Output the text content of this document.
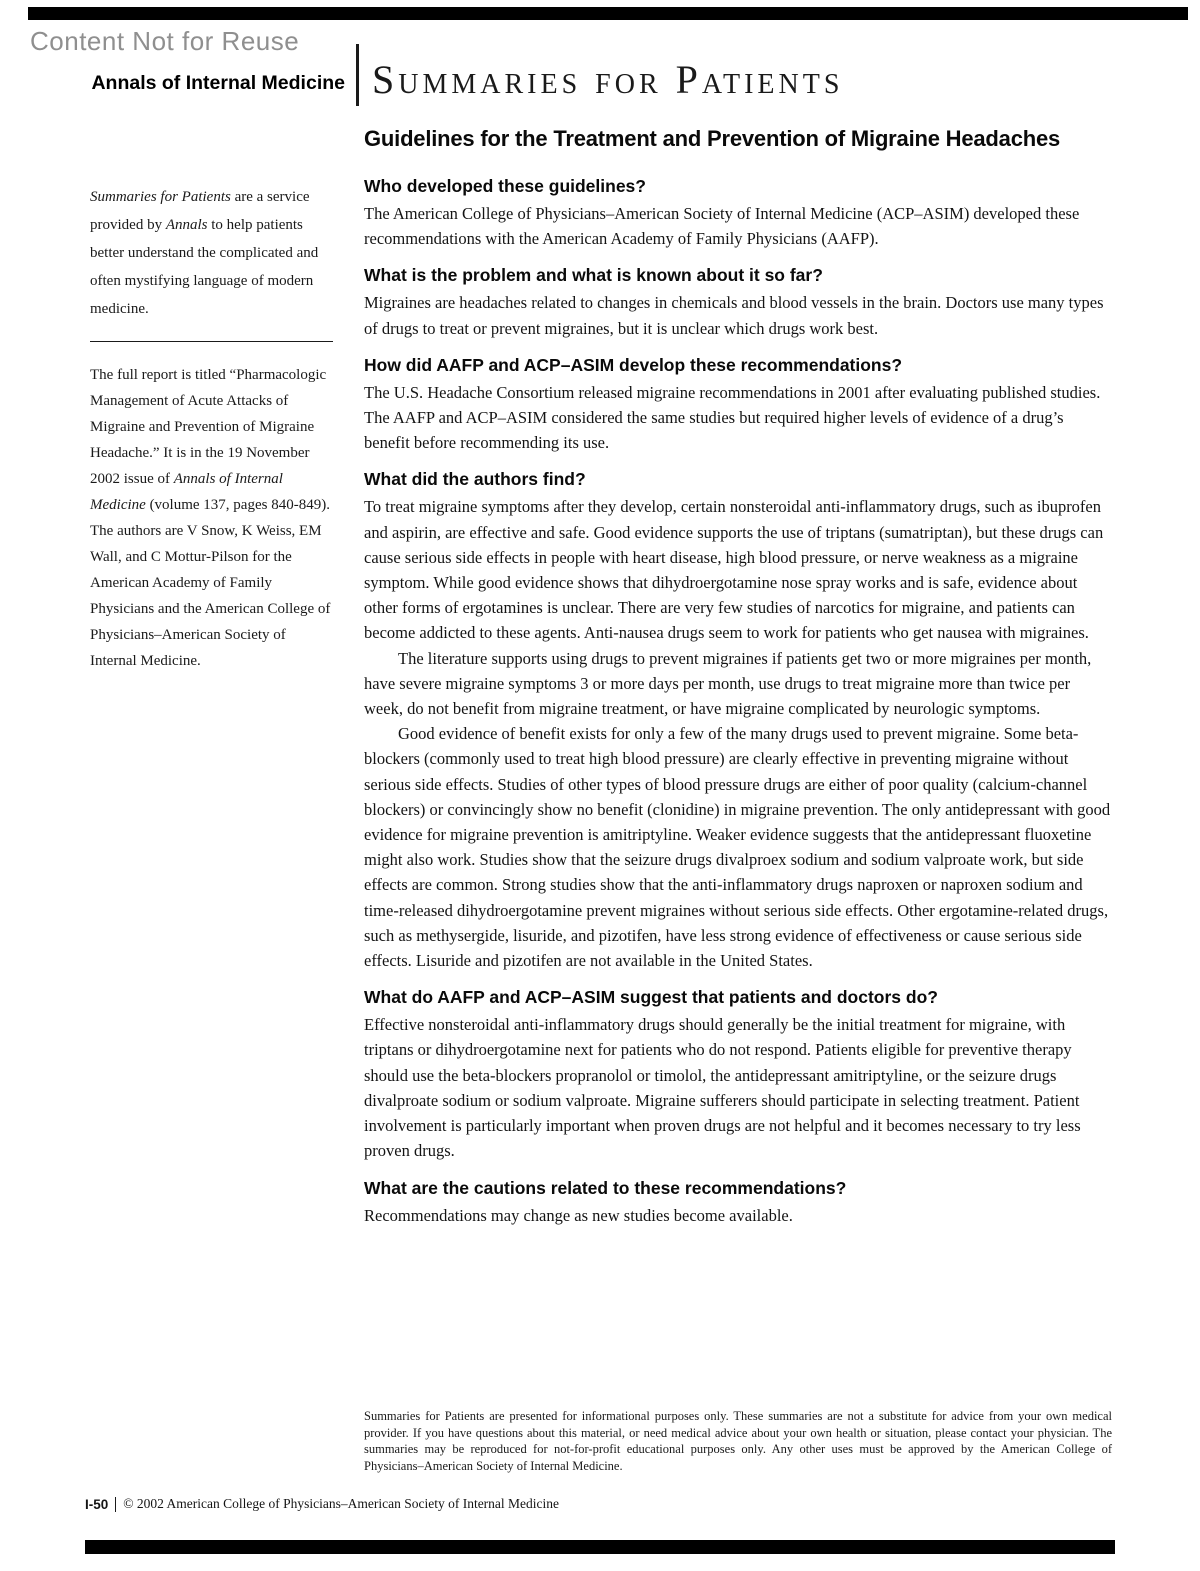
Content Not for Reuse
Annals of Internal Medicine Summaries for Patients
Guidelines for the Treatment and Prevention of Migraine Headaches

Summaries for Patients are a service provided by Annals to help patients better understand the complicated and often mystifying language of modern medicine.

The full report is titled “Pharmacologic Management of Acute Attacks of Migraine and Prevention of Migraine Headache.” It is in the 19 November 2002 issue of Annals of Internal Medicine (volume 137, pages 840-849). The authors are V Snow, K Weiss, EM Wall, and C Mottur-Pilson for the American Academy of Family Physicians and the American College of Physicians–American Society of Internal Medicine.

Who developed these guidelines?

The American College of Physicians–American Society of Internal Medicine (ACP–ASIM) developed these recommendations with the American Academy of Family Physicians (AAFP).

What is the problem and what is known about it so far?

Migraines are headaches related to changes in chemicals and blood vessels in the brain. Doctors use many types of drugs to treat or prevent migraines, but it is unclear which drugs work best.

How did AAFP and ACP–ASIM develop these recommendations?

The U.S. Headache Consortium released migraine recommendations in 2001 after evaluating published studies. The AAFP and ACP–ASIM considered the same studies but required higher levels of evidence of a drug’s benefit before recommending its use.

What did the authors find?

To treat migraine symptoms after they develop, certain nonsteroidal anti-inflammatory drugs, such as ibuprofen and aspirin, are effective and safe. Good evidence supports the use of triptans (sumatriptan), but these drugs can cause serious side effects in people with heart disease, high blood pressure, or nerve weakness as a migraine symptom. While good evidence shows that dihydroergotamine nose spray works and is safe, evidence about other forms of ergotamines is unclear. There are very few studies of narcotics for migraine, and patients can become addicted to these agents. Anti-nausea drugs seem to work for patients who get nausea with migraines.

The literature supports using drugs to prevent migraines if patients get two or more migraines per month, have severe migraine symptoms 3 or more days per month, use drugs to treat migraine more than twice per week, do not benefit from migraine treatment, or have migraine complicated by neurologic symptoms.

Good evidence of benefit exists for only a few of the many drugs used to prevent migraine. Some beta-blockers (commonly used to treat high blood pressure) are clearly effective in preventing migraine without serious side effects. Studies of other types of blood pressure drugs are either of poor quality (calcium-channel blockers) or convincingly show no benefit (clonidine) in migraine prevention. The only antidepressant with good evidence for migraine prevention is amitriptyline. Weaker evidence suggests that the antidepressant fluoxetine might also work. Studies show that the seizure drugs divalproex sodium and sodium valproate work, but side effects are common. Strong studies show that the anti-inflammatory drugs naproxen or naproxen sodium and time-released dihydroergotamine prevent migraines without serious side effects. Other ergotamine-related drugs, such as methysergide, lisuride, and pizotifen, have less strong evidence of effectiveness or cause serious side effects. Lisuride and pizotifen are not available in the United States.

What do AAFP and ACP–ASIM suggest that patients and doctors do?

Effective nonsteroidal anti-inflammatory drugs should generally be the initial treatment for migraine, with triptans or dihydroergotamine next for patients who do not respond. Patients eligible for preventive therapy should use the beta-blockers propranolol or timolol, the antidepressant amitriptyline, or the seizure drugs divalproate sodium or sodium valproate. Migraine sufferers should participate in selecting treatment. Patient involvement is particularly important when proven drugs are not helpful and it becomes necessary to try less proven drugs.

What are the cautions related to these recommendations?

Recommendations may change as new studies become available.

Summaries for Patients are presented for informational purposes only. These summaries are not a substitute for advice from your own medical provider. If you have questions about this material, or need medical advice about your own health or situation, please contact your physician. The summaries may be reproduced for not-for-profit educational purposes only. Any other uses must be approved by the American College of Physicians–American Society of Internal Medicine.
I-50	© 2002 American College of Physicians–American Society of Internal Medicine
